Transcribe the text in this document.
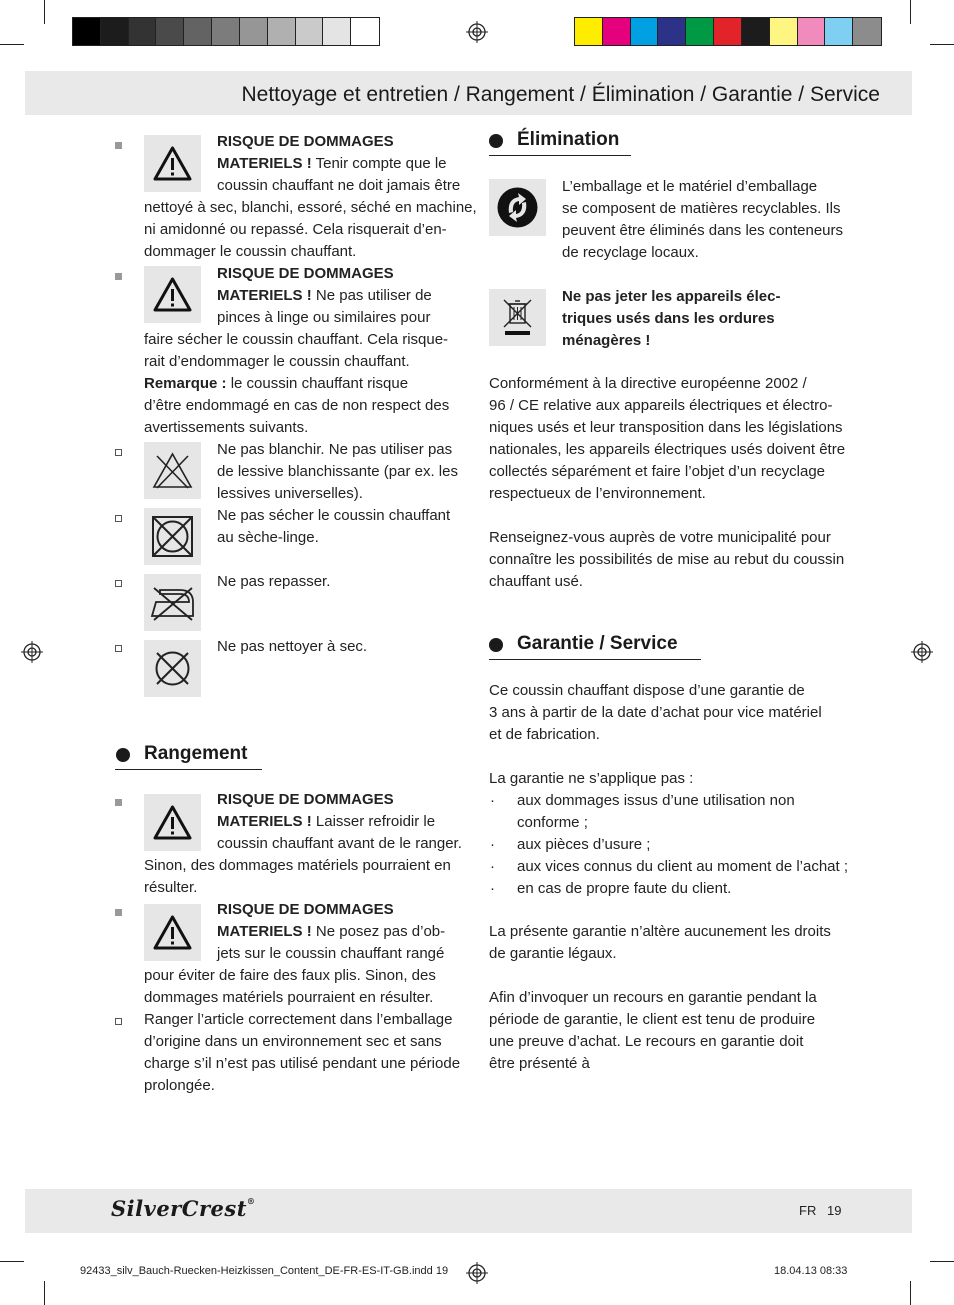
Nettoyage et entretien / Rangement / Élimination / Garantie / Service
RISQUE DE DOMMAGES
MATERIELS ! Tenir compte que le
coussin chauffant ne doit jamais être
nettoyé à sec, blanchi, essoré, séché en machine,
ni amidonné ou repassé. Cela risquerait d’en-
dommager le coussin chauffant.
RISQUE DE DOMMAGES
MATERIELS ! Ne pas utiliser de
pinces à linge ou similaires pour
faire sécher le coussin chauffant. Cela risque-
rait d’endommager le coussin chauffant.
Remarque : le coussin chauffant risque
d’être endommagé en cas de non respect des
avertissements suivants.
Ne pas blanchir. Ne pas utiliser pas
de lessive blanchissante (par ex. les
lessives universelles).
Ne pas sécher le coussin chauffant
au sèche-linge.
Ne pas repasser.
Ne pas nettoyer à sec.
Rangement
RISQUE DE DOMMAGES
MATERIELS ! Laisser refroidir le
coussin chauffant avant de le ranger.
Sinon, des dommages matériels pourraient en
résulter.
RISQUE DE DOMMAGES
MATERIELS ! Ne posez pas d’ob-
jets sur le coussin chauffant rangé
pour éviter de faire des faux plis. Sinon, des
dommages matériels pourraient en résulter.
Ranger l’article correctement dans l’emballage
d’origine dans un environnement sec et sans
charge s’il n’est pas utilisé pendant une période
prolongée.
Élimination
L’emballage et le matériel d’emballage
se composent de matières recyclables. Ils
peuvent être éliminés dans les conteneurs
de recyclage locaux.
Ne pas jeter les appareils élec-
triques usés dans les ordures
ménagères !
Conformément à la directive européenne 2002 /
96 / CE relative aux appareils électriques et électro-
niques usés et leur transposition dans les législations
nationales, les appareils électriques usés doivent être
collectés séparément et faire l’objet d’un recyclage
respectueux de l’environnement.
Renseignez-vous auprès de votre municipalité pour
connaître les possibilités de mise au rebut du coussin
chauffant usé.
Garantie / Service
Ce coussin chauffant dispose d’une garantie de
3 ans à partir de la date d’achat pour vice matériel
et de fabrication.
La garantie ne s’applique pas :
· aux dommages issus d’une utilisation non
conforme ;
· aux pièces d’usure ;
· aux vices connus du client au moment de l’achat ;
· en cas de propre faute du client.
La présente garantie n’altère aucunement les droits
de garantie légaux.
Afin d’invoquer un recours en garantie pendant la
période de garantie, le client est tenu de produire
une preuve d’achat. Le recours en garantie doit
être présenté à
SilverCrest®
FR 19
92433_silv_Bauch-Ruecken-Heizkissen_Content_DE-FR-ES-IT-GB.indd 19	18.04.13 08:33
